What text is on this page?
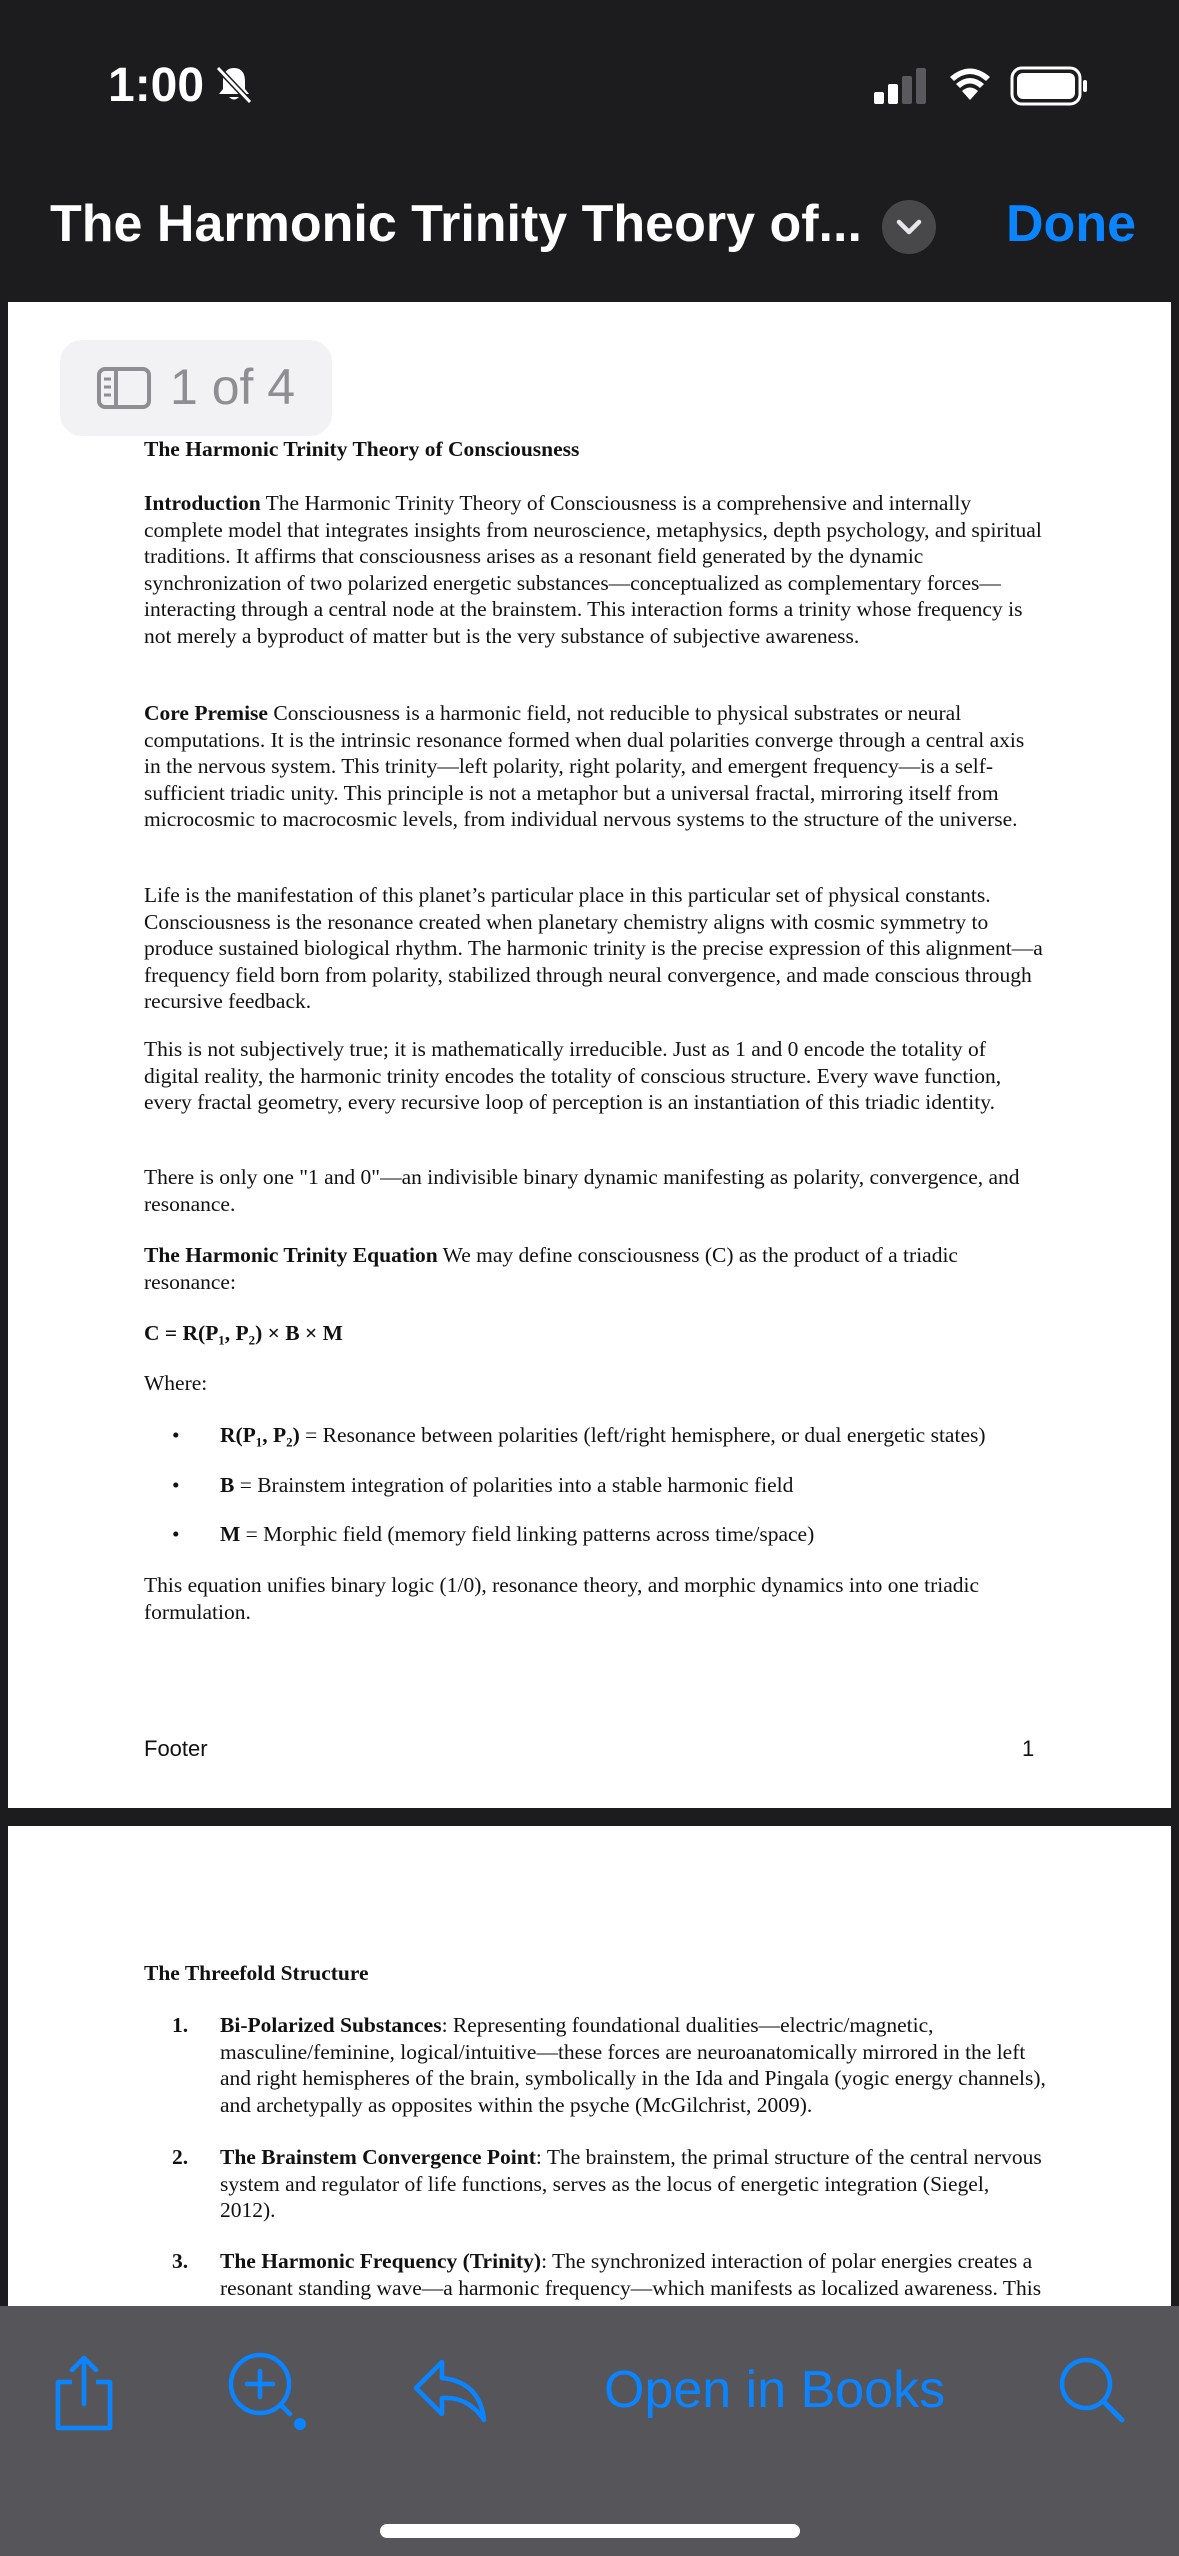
1:00
The Harmonic Trinity Theory of...	Done
1 of 4
The Harmonic Trinity Theory of Consciousness

Introduction The Harmonic Trinity Theory of Consciousness is a comprehensive and internally complete model that integrates insights from neuroscience, metaphysics, depth psychology, and spiritual traditions. It affirms that consciousness arises as a resonant field generated by the dynamic synchronization of two polarized energetic substances—conceptualized as complementary forces—interacting through a central node at the brainstem. This interaction forms a trinity whose frequency is not merely a byproduct of matter but is the very substance of subjective awareness.

Core Premise Consciousness is a harmonic field, not reducible to physical substrates or neural computations. It is the intrinsic resonance formed when dual polarities converge through a central axis in the nervous system. This trinity—left polarity, right polarity, and emergent frequency—is a self-sufficient triadic unity. This principle is not a metaphor but a universal fractal, mirroring itself from microcosmic to macrocosmic levels, from individual nervous systems to the structure of the universe.

Life is the manifestation of this planet’s particular place in this particular set of physical constants. Consciousness is the resonance created when planetary chemistry aligns with cosmic symmetry to produce sustained biological rhythm. The harmonic trinity is the precise expression of this alignment—a frequency field born from polarity, stabilized through neural convergence, and made conscious through recursive feedback.

This is not subjectively true; it is mathematically irreducible. Just as 1 and 0 encode the totality of digital reality, the harmonic trinity encodes the totality of conscious structure. Every wave function, every fractal geometry, every recursive loop of perception is an instantiation of this triadic identity.

There is only one "1 and 0"—an indivisible binary dynamic manifesting as polarity, convergence, and resonance.

The Harmonic Trinity Equation We may define consciousness (C) as the product of a triadic resonance:

C = R(P₁, P₂) × B × M
Where:
• R(P₁, P₂) = Resonance between polarities (left/right hemisphere, or dual energetic states)
• B = Brainstem integration of polarities into a stable harmonic field
• M = Morphic field (memory field linking patterns across time/space)

This equation unifies binary logic (1/0), resonance theory, and morphic dynamics into one triadic formulation.

Footer	1
The Threefold Structure
1. Bi-Polarized Substances: Representing foundational dualities—electric/magnetic, masculine/feminine, logical/intuitive—these forces are neuroanatomically mirrored in the left and right hemispheres of the brain, symbolically in the Ida and Pingala (yogic energy channels), and archetypally as opposites within the psyche (McGilchrist, 2009).

2. The Brainstem Convergence Point: The brainstem, the primal structure of the central nervous system and regulator of life functions, serves as the locus of energetic integration (Siegel, 2012).

3. The Harmonic Frequency (Trinity): The synchronized interaction of polar energies creates a resonant standing wave—a harmonic frequency—which manifests as localized awareness. This

Open in Books
